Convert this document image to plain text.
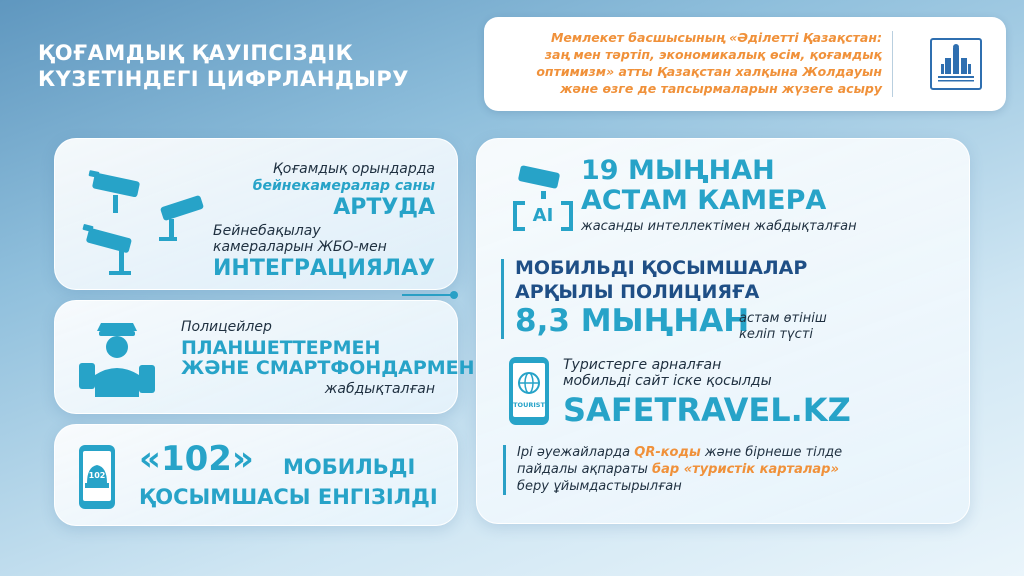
ҚОҒАМДЫҚ ҚАУІПСІЗДІК
КҮЗЕТІНДЕГІ ЦИФРЛАНДЫРУ
Мемлекет басшысының «Әділетті Қазақстан:
заң мен тәртіп, экономикалық өсім, қоғамдық
оптимизм» атты Қазақстан халқына Жолдауын
және өзге де тапсырмаларын жүзеге асыру
Қоғамдық орындарда
бейнекамералар саны
АРТУДА
Бейнебақылау
камераларын ЖБО-мен
ИНТЕГРАЦИЯЛАУ
Полицейлер
ПЛАНШЕТТЕРМЕН
ЖӘНЕ СМАРТФОНДАРМЕН
жабдықталған
102 «102» МОБИЛЬДІ
ҚОСЫМШАСЫ ЕНГІЗІЛДІ
AI
19 МЫҢНАН
АСТАМ КАМЕРА
жасанды интеллектімен жабдықталған
МОБИЛЬДІ ҚОСЫМШАЛАР
АРҚЫЛЫ ПОЛИЦИЯҒА
8,3 МЫҢНАН
астам өтініш
келіп түсті
TOURIST
Туристерге арналған
мобильді сайт іске қосылды
SAFETRAVEL.KZ
Ірі әуежайларда QR-коды және бірнеше тілде
пайдалы ақпараты бар «туристік карталар»
беру ұйымдастырылған
